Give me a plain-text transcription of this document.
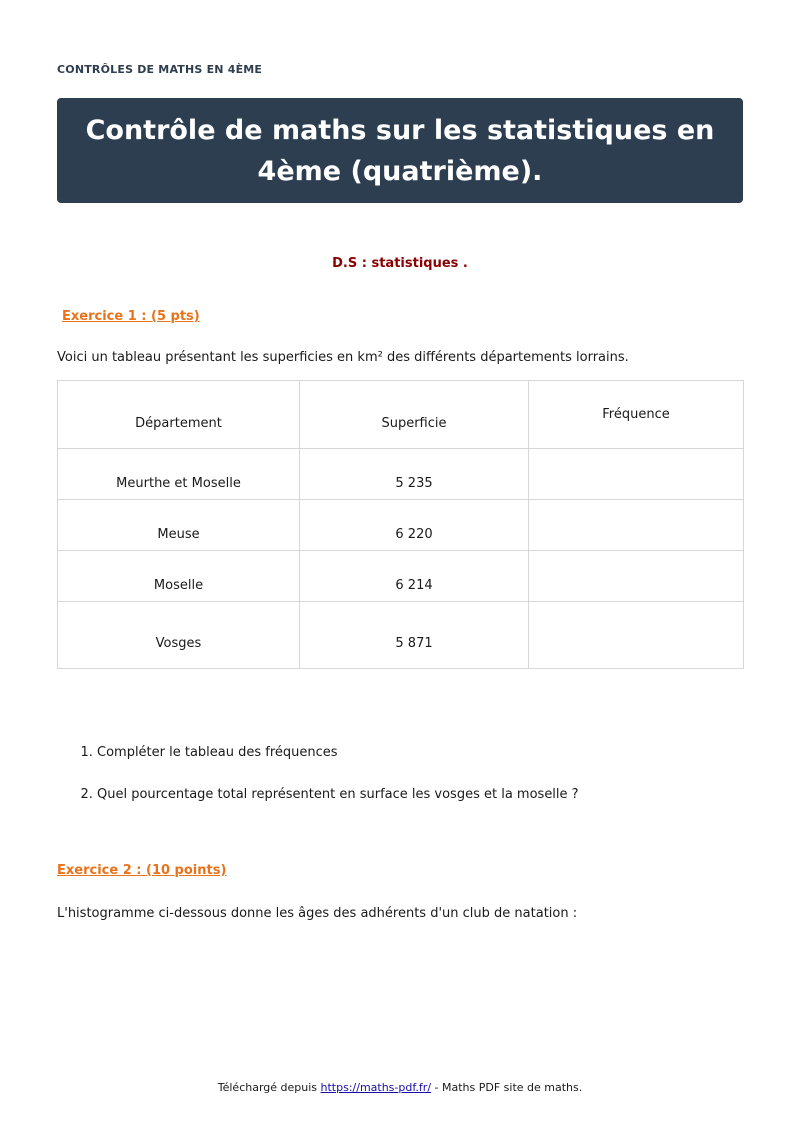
CONTRÔLES DE MATHS EN 4ÈME
Contrôle de maths sur les statistiques en 4ème (quatrième).
D.S : statistiques .
Exercice 1 : (5 pts)
Voici un tableau présentant les superficies en km² des différents départements lorrains.
Département	Superficie	Fréquence
Meurthe et Moselle	5 235	
Meuse	6 220	
Moselle	6 214	
Vosges	5 871	
1. Compléter le tableau des fréquences
2. Quel pourcentage total représentent en surface les vosges et la moselle ?
Exercice 2 : (10 points)
L'histogramme ci-dessous donne les âges des adhérents d'un club de natation :
Téléchargé depuis https://maths-pdf.fr/ - Maths PDF site de maths.
